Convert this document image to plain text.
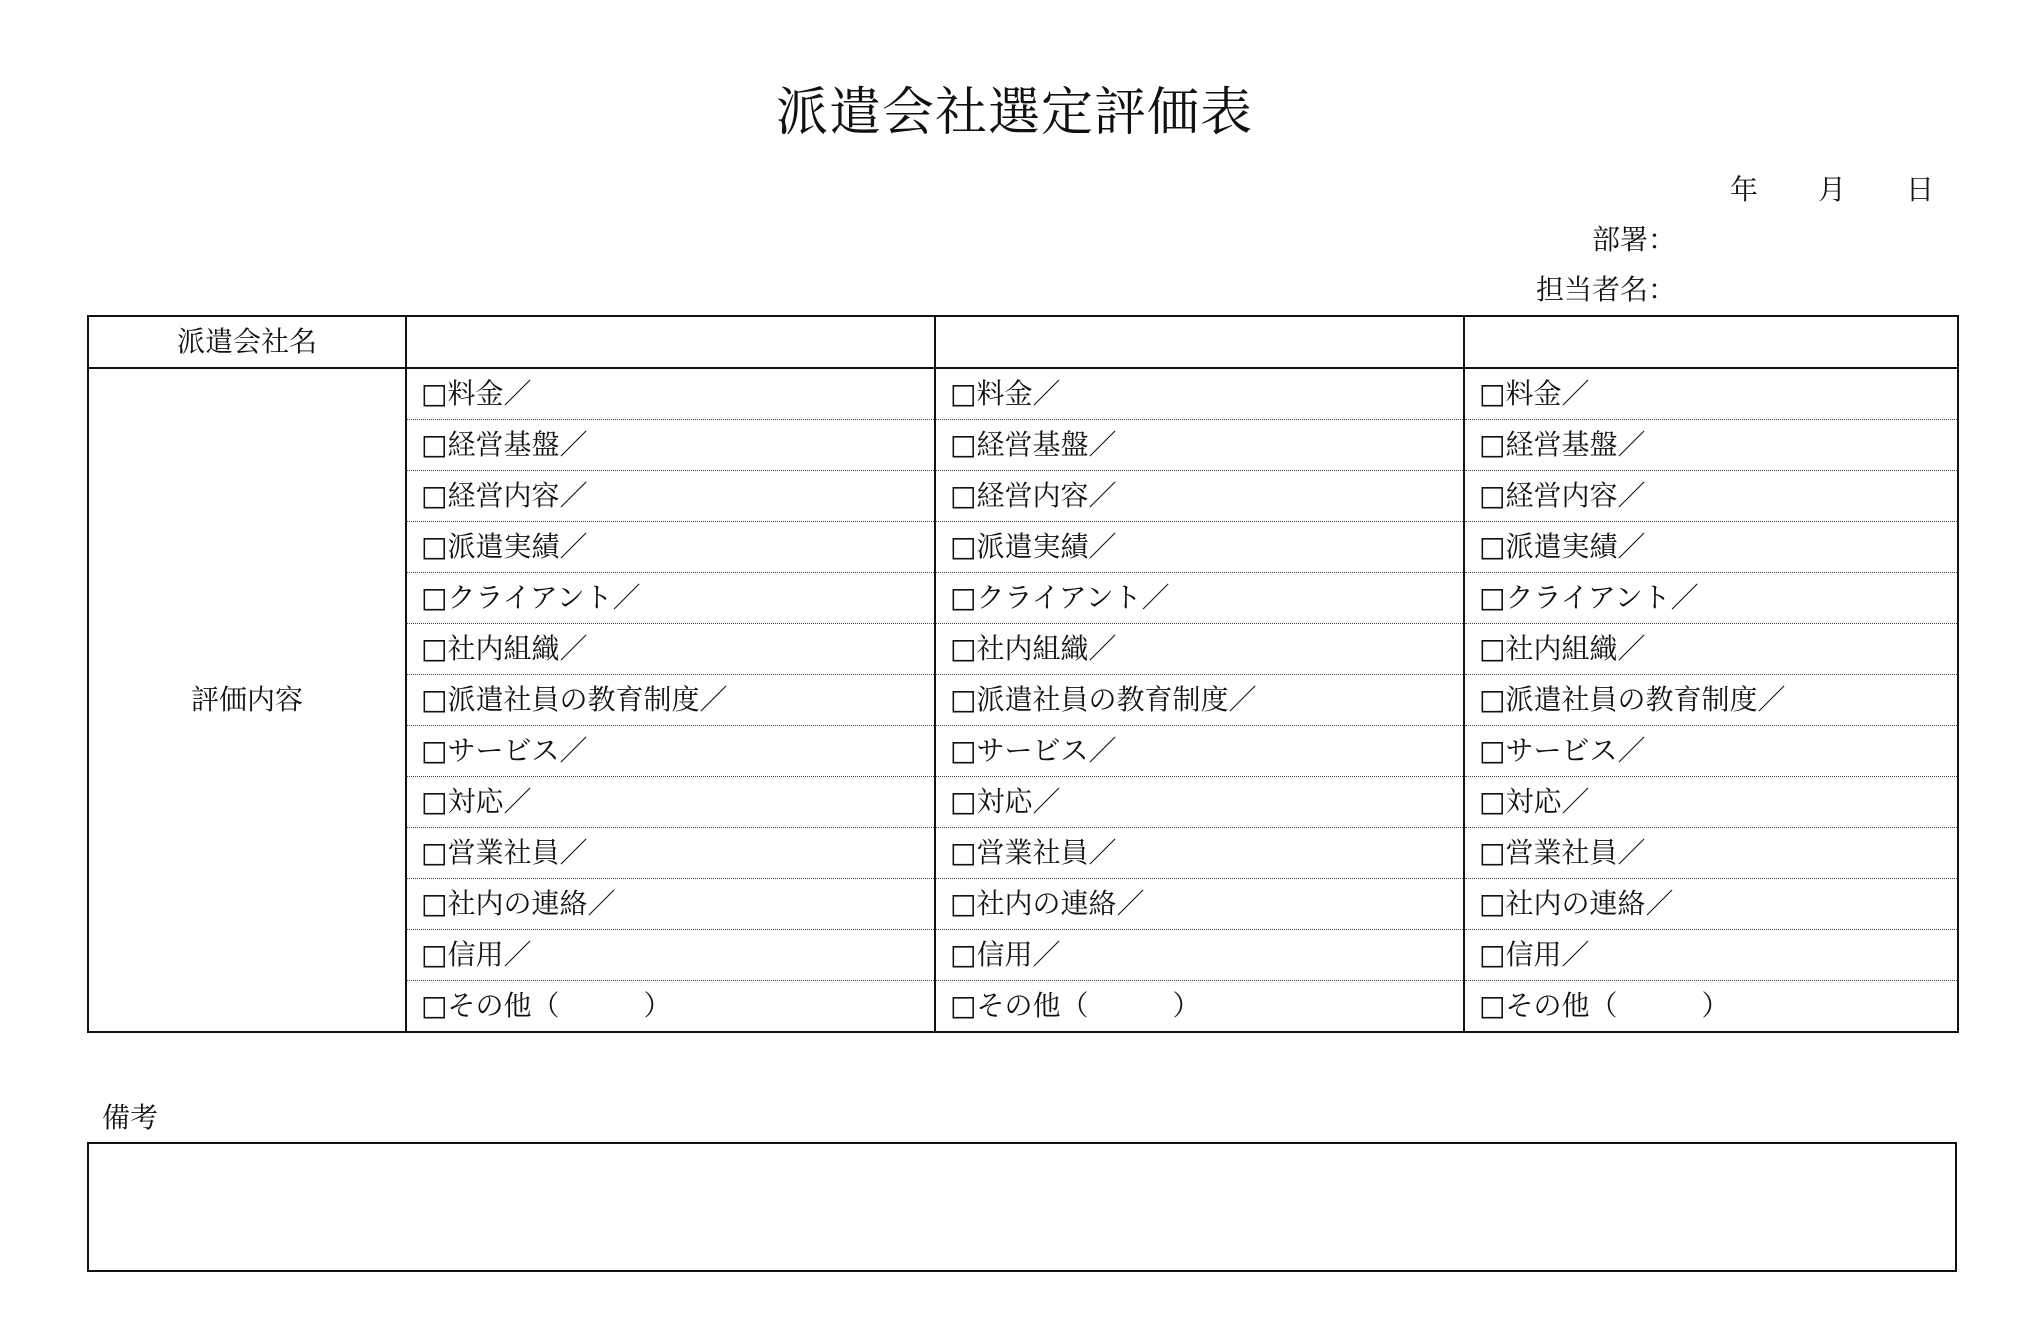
派遣会社選定評価表
年 月 日
部署：
担当者名：
派遣会社名			
評価内容	□料金／	□料金／	□料金／
	□経営基盤／	□経営基盤／	□経営基盤／
	□経営内容／	□経営内容／	□経営内容／
	□派遣実績／	□派遣実績／	□派遣実績／
	□クライアント／	□クライアント／	□クライアント／
	□社内組織／	□社内組織／	□社内組織／
	□派遣社員の教育制度／	□派遣社員の教育制度／	□派遣社員の教育制度／
	□サービス／	□サービス／	□サービス／
	□対応／	□対応／	□対応／
	□営業社員／	□営業社員／	□営業社員／
	□社内の連絡／	□社内の連絡／	□社内の連絡／
	□信用／	□信用／	□信用／
	□その他（　　　）	□その他（　　　）	□その他（　　　）
備考
